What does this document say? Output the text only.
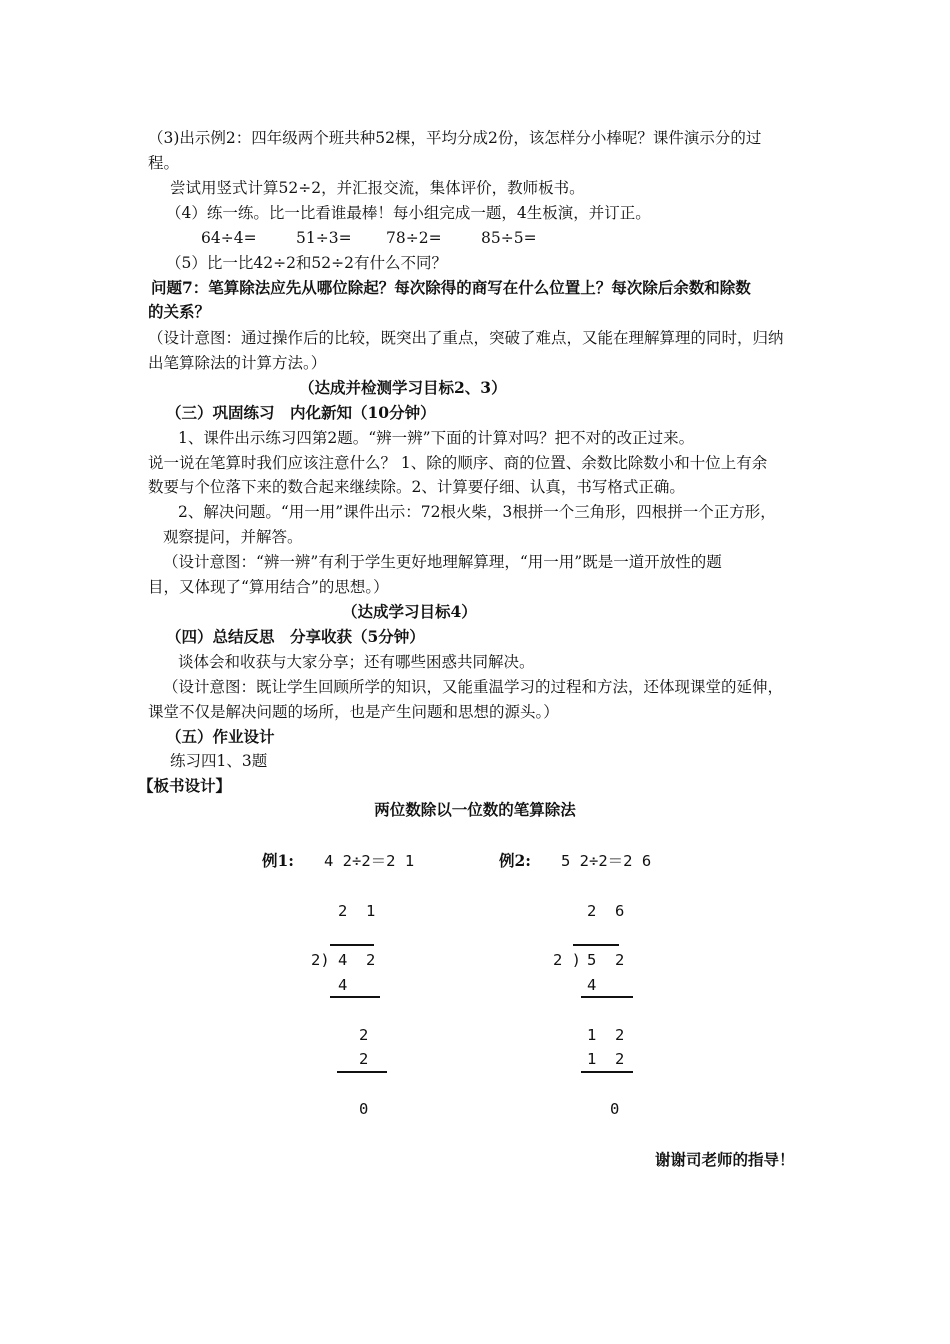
（3)出示例2：四年级两个班共种52棵，平均分成2份，该怎样分小棒呢？课件演示分的过
程。
尝试用竖式计算52÷2，并汇报交流，集体评价，教师板书。
（4）练一练。比一比看谁最棒！每小组完成一题，4生板演，并订正。
64÷4=	51÷3= 78÷2=	85÷5=
（5）比一比42÷2和52÷2有什么不同？
问题7：笔算除法应先从哪位除起？每次除得的商写在什么位置上？每次除后余数和除数
的关系？
（设计意图：通过操作后的比较，既突出了重点，突破了难点，又能在理解算理的同时，归纳
出笔算除法的计算方法。）
（达成并检测学习目标2、3）
（三）巩固练习　内化新知（10分钟）
1、课件出示练习四第2题。“辨一辨”下面的计算对吗？把不对的改正过来。
说一说在笔算时我们应该注意什么？ 1、除的顺序、商的位置、余数比除数小和十位上有余
数要与个位落下来的数合起来继续除。2、计算要仔细、认真，书写格式正确。
2、解决问题。“用一用”课件出示：72根火柴，3根拼一个三角形，四根拼一个正方形，
观察提问，并解答。
（设计意图：“辨一辨”有利于学生更好地理解算理，“用一用”既是一道开放性的题
目，又体现了“算用结合”的思想。）
（达成学习目标4）
（四）总结反思　分享收获（5分钟）
谈体会和收获与大家分享；还有哪些困惑共同解决。
（设计意图：既让学生回顾所学的知识，又能重温学习的过程和方法，还体现课堂的延伸，
课堂不仅是解决问题的场所，也是产生问题和思想的源头。）
（五）作业设计
练习四1、3题
【板书设计】
两位数除以一位数的笔算除法
例1: 4 2÷2＝2 1
2  1
2) 4  2
4
2
2
0
例2: 5 2÷2＝2 6
2  6
2 ) 5  2
4
1  2
1  2
0
谢谢司老师的指导！
